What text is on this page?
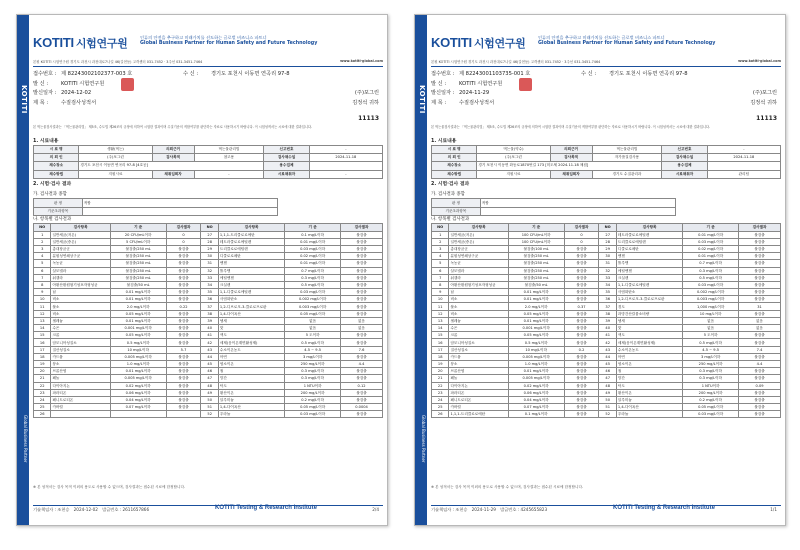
KOTITI
Global Business Partner
KOTITI 시험연구원
인류의 안전을 추구하고 미래가치를 선도하는 글로벌 비즈니스 파트너
Global Business Partner for Human Safety and Future Technology
본원 KOTITI 시험연구원 경기도 과천시 과천대로7나길 46(갈현동) 고객센터 031-7452 · 3주선 031-3451-7464	www.kotiti-global.com
접수번호 : 제 82243002102377-003 호	수 신 : 경기도 포천시 이동면 연곡리 97-8
발 신 : KOTITI 시험연구원
발신일자 : 2024-12-02	(주)포그린
제 목 : 수질검사성적서	김정석 귀하
11113
본 먹는물검사결과는 「먹는물관리법」 제5조, 수도법 제26조의 규정에 의하여 시험한 결과이며 수질기준의 적합여부를 판단하는 자료로 사용하시기 바랍니다. 이 시험성적서는 시료에 대한 결과입니다.
1. 시료내용
시 료 명	생활(먹는)	의뢰근거	먹는물관리법	신고번호	-
의 뢰 인	(주)포그린	검사목적	참고용	검사채수일	2024-11-18
채수장소	경기도 포천시 이동면 연곡리 97-8 [4호공]			용수업체	
채수방법	지원시료	채취입회자	-	시료채취자	-
2. 시험·검사 결과
가. 검사결과 종합
판 정	적합
기준초과항목	
나. 항목별 검사결과
NO	검사항목	기 준	검사결과	NO	검사항목	기 준	검사결과
1	일반세균(저온)	20 CFU/mL이하	0	27	1,1,1-트리클로로에탄	0.1 mg/L이하	불검출
2	일반세균(중온)	5 CFU/mL이하	0	28	테트라클로로에틸렌	0.01 mg/L이하	불검출
3	총대장균군	불검출/250 mL	불검출	29	트리클로로에틸렌	0.03 mg/L이하	불검출
4	분원성연쇄상구균	불검출/250 mL	불검출	30	디클로로메탄	0.02 mg/L이하	불검출
5	녹농균	불검출/250 mL	불검출	31	벤젠	0.01 mg/L이하	불검출
6	살모넬라	불검출/250 mL	불검출	32	톨루엔	0.7 mg/L이하	불검출
7	쉬겔라	불검출/250 mL	불검출	33	에틸벤젠	0.3 mg/L이하	불검출
8	아황산환원혐기성포자형성균	불검출/50 mL	불검출	34	크실렌	0.5 mg/L이하	불검출
9	납	0.01 mg/L이하	불검출	35	1,1-디클로로에틸렌	0.03 mg/L이하	불검출
10	비소	0.01 mg/L이하	불검출	36	사염화탄소	0.002 mg/L이하	불검출
11	불소	2.0 mg/L이하	0.22	37	1,2-디브로모-3-클로로프로판	0.003 mg/L이하	불검출
12	비소	0.05 mg/L이하	불검출	38	1,4-다이옥산	0.05 mg/L이하	불검출
13	셀레늄	0.01 mg/L이하	불검출	39	냄새	없음	없음
14	수은	0.001 mg/L이하	불검출	40	맛	없음	없음
15	크롬	0.05 mg/L이하	불검출	41	색도	5 도이하	불검출
16	암모니아성질소	0.5 mg/L이하	불검출	42	세제(음이온계면활성제)	0.5 mg/L이하	불검출
17	질산성질소	10 mg/L이하	5.7	43	수소이온농도	4.5 ~ 9.5	7.6
18	카드뮴	0.005 mg/L이하	불검출	44	아연	3 mg/L이하	불검출
19	붕소	1.0 mg/L이하	불검출	45	염소이온	250 mg/L이하	4.4
20	브롬산염	0.01 mg/L이하	불검출	46	철	0.3 mg/L이하	불검출
21	페놀	0.005 mg/L이하	불검출	47	망간	0.3 mg/L이하	불검출
22	다이아지논	0.02 mg/L이하	불검출	48	탁도	1 NTU이하	0.12
23	파라티온	0.06 mg/L이하	불검출	49	황산이온	200 mg/L이하	불검출
24	페니트로티온	0.04 mg/L이하	불검출	50	알루미늄	0.2 mg/L이하	불검출
25	카바릴	0.07 mg/L이하	불검출	51	1,4-다이옥산	0.05 mg/L이하	0.0004
26				52	우라늄	0.03 mg/L이하	불검출
※ 본 성적서는 검사 목적 이외의 용도로 사용할 수 없으며, 검사결과는 접수된 시료에 한정합니다.
기술책임자 : 조현승　 2024-12-02　 발급번호 : 2611657866	KOTITI Testing & Research Institute	2/4
KOTITI
Global Business Partner
KOTITI 시험연구원
인류의 안전을 추구하고 미래가치를 선도하는 글로벌 비즈니스 파트너
Global Business Partner for Human Safety and Future Technology
본원 KOTITI 시험연구원 경기도 과천시 과천대로7나길 46(갈현동) 고객센터 031-7452 · 3주선 031-3451-7464	www.kotiti-global.com
접수번호 : 제 82243001103735-001 호	수 신 : 경기도 포천시 이동면 연곡리 97-8
발 신 : KOTITI 시험연구원
발신일자 : 2024-11-29	(주)포그린
제 목 : 수질검사성적서	김정석 귀하
11113
본 먹는물검사결과는 「먹는물관리법」 제5조, 수도법 제26조의 규정에 의하여 시험한 결과이며 수질기준의 적합여부를 판단하는 자료로 사용하시기 바랍니다. 이 시험성적서는 시료에 대한 결과입니다.
1. 시료내용
시 료 명	먹는물(약수)	의뢰근거	먹는물관리법	신고번호	-
의 뢰 인	(주)포그린	검사목적	자가품질검사용	검사채수일	2024-11-18
채수장소	경기 포천시 이동면 화동로1870번길 173 [미도체 2024.11.18 채집]			용수업체	
채수방법	지원시료	채취입회자	경기도 수질관리과	시료채취자	관리팀
2. 시험·검사 결과
가. 검사결과 종합
판 정	적합
기준초과항목	
나. 항목별 검사결과
NO	검사항목	기 준	검사결과	NO	검사항목	기 준	검사결과
1	일반세균(저온)	100 CFU/mL이하	0	27	테트라클로로에틸렌	0.01 mg/L이하	불검출
2	일반세균(중온)	100 CFU/mL이하	0	28	트리클로로에틸렌	0.03 mg/L이하	불검출
3	총대장균군	불검출/100 mL	불검출	29	디클로로메탄	0.02 mg/L이하	불검출
4	분원성연쇄상구균	불검출/250 mL	불검출	30	벤젠	0.01 mg/L이하	불검출
5	녹농균	불검출/250 mL	불검출	31	톨루엔	0.7 mg/L이하	불검출
6	살모넬라	불검출/250 mL	불검출	32	에틸벤젠	0.3 mg/L이하	불검출
7	쉬겔라	불검출/250 mL	불검출	33	크실렌	0.5 mg/L이하	불검출
8	아황산환원혐기성포자형성균	불검출/50 mL	불검출	34	1,1-디클로로에틸렌	0.03 mg/L이하	불검출
9	납	0.01 mg/L이하	불검출	35	사염화탄소	0.002 mg/L이하	불검출
10	비소	0.01 mg/L이하	불검출	36	1,2-디브로모-3-클로로프로판	0.003 mg/L이하	불검출
11	불소	2.0 mg/L이하	0.37	37	경도	1,000 mg/L이하	31
12	비소	0.05 mg/L이하	불검출	38	과망간산칼륨소비량	10 mg/L이하	불검출
13	셀레늄	0.01 mg/L이하	불검출	39	냄새	없음	없음
14	수은	0.001 mg/L이하	불검출	40	맛	없음	없음
15	크롬	0.05 mg/L이하	불검출	41	색도	5 도이하	불검출
16	암모니아성질소	0.5 mg/L이하	불검출	42	세제(음이온계면활성제)	0.5 mg/L이하	불검출
17	질산성질소	10 mg/L이하	0.2	43	수소이온농도	4.5 ~ 9.5	7.4
18	카드뮴	0.005 mg/L이하	불검출	44	아연	3 mg/L이하	불검출
19	붕소	1.0 mg/L이하	불검출	45	염소이온	250 mg/L이하	4.4
20	브롬산염	0.01 mg/L이하	불검출	46	철	0.3 mg/L이하	불검출
21	페놀	0.005 mg/L이하	불검출	47	망간	0.3 mg/L이하	불검출
22	다이아지논	0.02 mg/L이하	불검출	48	탁도	1 NTU이하	0.09
23	파라티온	0.06 mg/L이하	불검출	49	황산이온	200 mg/L이하	불검출
24	페니트로티온	0.04 mg/L이하	불검출	50	알루미늄	0.2 mg/L이하	불검출
25	카바릴	0.07 mg/L이하	불검출	51	1,4-다이옥산	0.05 mg/L이하	불검출
26	1,1,1-트리클로로에탄	0.1 mg/L이하	불검출	52	우라늄	0.03 mg/L이하	불검출
※ 본 성적서는 검사 목적 이외의 용도로 사용할 수 없으며, 검사결과는 접수된 시료에 한정합니다.
기술책임자 : 조현승　 2024-11-29　 발급번호 : 4245655823	KOTITI Testing & Research Institute	1/1
